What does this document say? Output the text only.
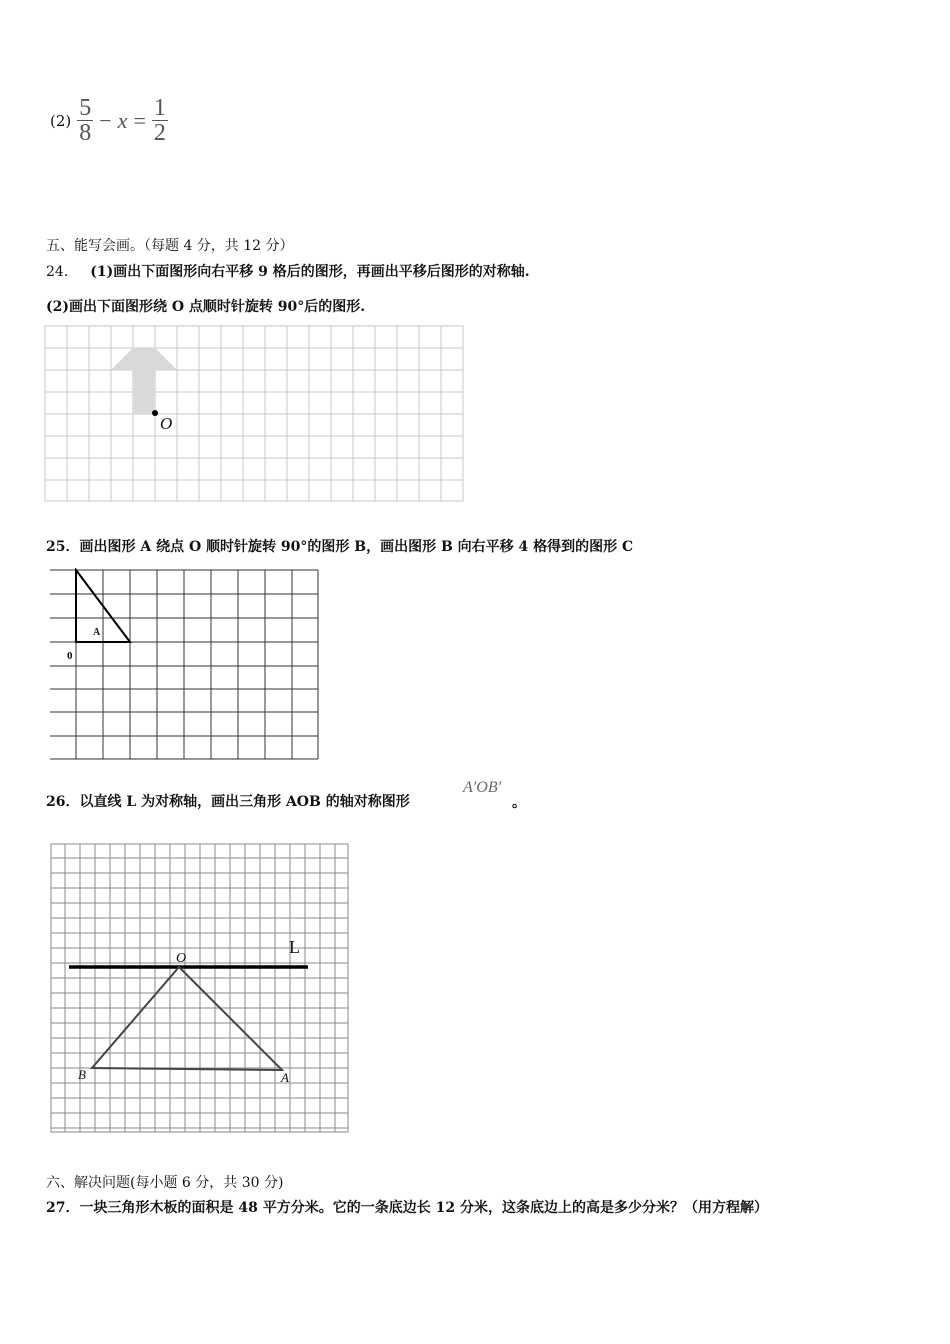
$(2) \frac{5}{8} - x = \frac{1}{2}$
五、能写会画。（每题 4 分，共 12 分）
24． (1)画出下面图形向右平移 9 格后的图形，再画出平移后图形的对称轴.
(2)画出下面图形绕 O 点顺时针旋转 90°后的图形.
O
25．画出图形 A 绕点 O 顺时针旋转 90°的图形 B，画出图形 B 向右平移 4 格得到的图形 C
A
0
26．以直线 L 为对称轴，画出三角形 AOB 的轴对称图形
A′OB′
。
L
O
B	A
六、解决问题(每小题 6 分，共 30 分)
27．一块三角形木板的面积是 48 平方分米。它的一条底边长 12 分米，这条底边上的高是多少分米？（用方程解）
